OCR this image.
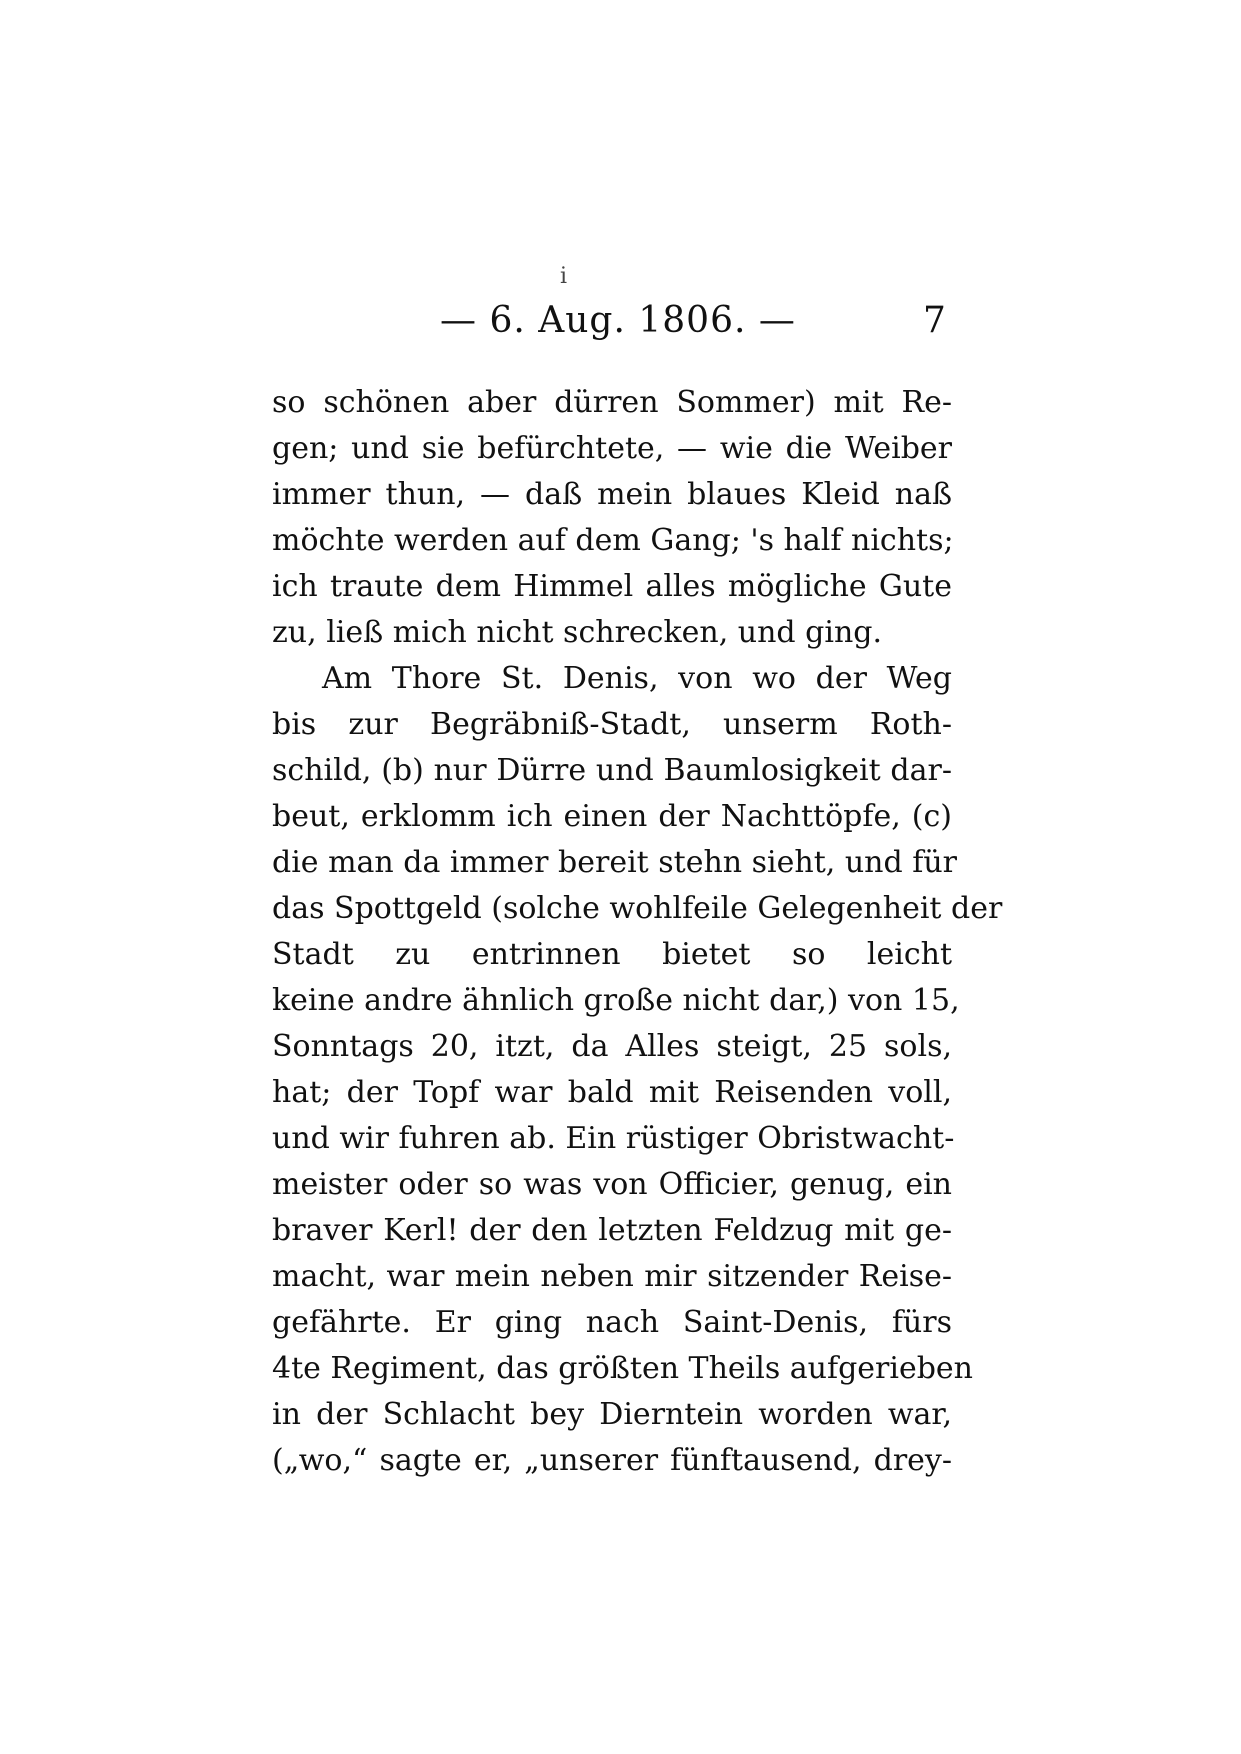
i
— 6. Aug. 1806. —	7
so schönen aber dürren Sommer) mit Re-
gen; und sie befürchtete, — wie die Weiber
immer thun, — daß mein blaues Kleid naß
möchte werden auf dem Gang; 's half nichts;
ich traute dem Himmel alles mögliche Gute
zu, ließ mich nicht schrecken, und ging.
Am Thore St. Denis, von wo der Weg
bis zur Begräbniß-Stadt, unserm Roth-
schild, (b) nur Dürre und Baumlosigkeit dar-
beut, erklomm ich einen der Nachttöpfe, (c)
die man da immer bereit stehn sieht, und für
das Spottgeld (solche wohlfeile Gelegenheit der
Stadt zu entrinnen bietet so leicht
keine andre ähnlich große nicht dar,) von 15,
Sonntags 20, itzt, da Alles steigt, 25 sols,
hat; der Topf war bald mit Reisenden voll,
und wir fuhren ab. Ein rüstiger Obristwacht-
meister oder so was von Officier, genug, ein
braver Kerl! der den letzten Feldzug mit ge-
macht, war mein neben mir sitzender Reise-
gefährte. Er ging nach Saint-Denis, fürs
4te Regiment, das größten Theils aufgerieben
in der Schlacht bey Dierntein worden war,
(„wo,“ sagte er, „unserer fünftausend, drey-
